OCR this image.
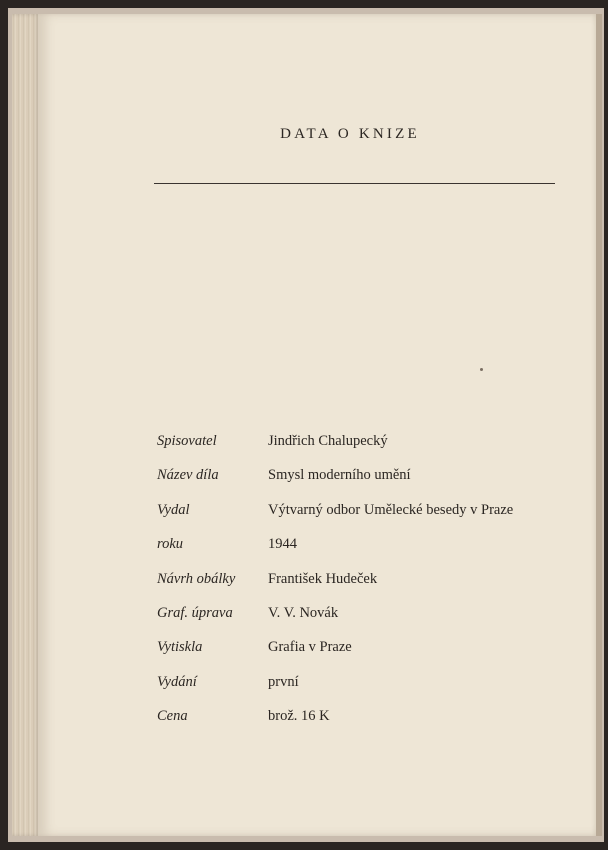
DATA O KNIZE
Spisovatel	Jindřich Chalupecký
Název díla	Smysl moderního umění
Vydal	Výtvarný odbor Umělecké besedy v Praze
roku	1944
Návrh obálky	František Hudeček
Graf. úprava	V. V. Novák
Vytiskla	Grafia v Praze
Vydání	první
Cena	brož. 16 K
